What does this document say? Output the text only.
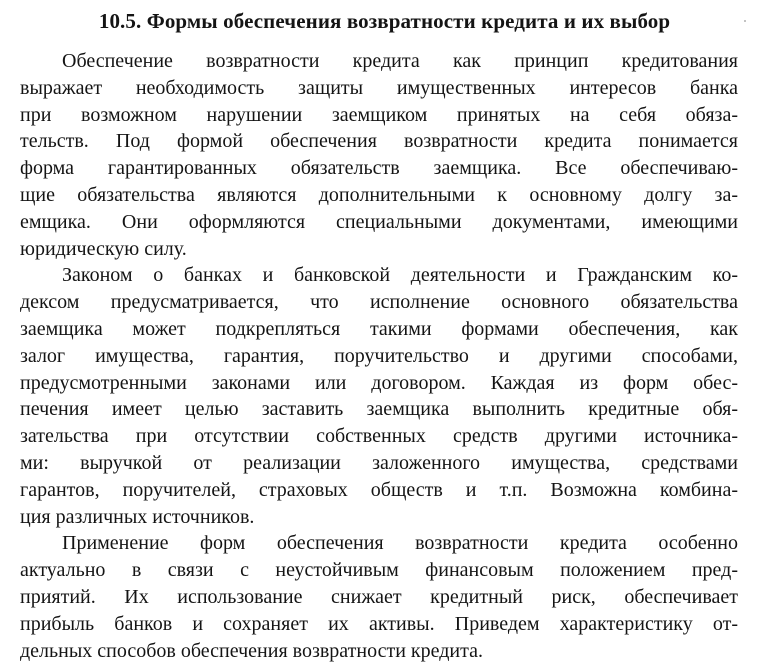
10.5. Формы обеспечения возвратности кредита и их выбор
Обеспечение возвратности кредита как принцип кредитования
выражает необходимость защиты имущественных интересов банка
при возможном нарушении заемщиком принятых на себя обяза-
тельств. Под формой обеспечения возвратности кредита понимается
форма гарантированных обязательств заемщика. Все обеспечиваю-
щие обязательства являются дополнительными к основному долгу за-
емщика. Они оформляются специальными документами, имеющими
юридическую силу.
Законом о банках и банковской деятельности и Гражданским ко-
дексом предусматривается, что исполнение основного обязательства
заемщика может подкрепляться такими формами обеспечения, как
залог имущества, гарантия, поручительство и другими способами,
предусмотренными законами или договором. Каждая из форм обес-
печения имеет целью заставить заемщика выполнить кредитные обя-
зательства при отсутствии собственных средств другими источника-
ми: выручкой от реализации заложенного имущества, средствами
гарантов, поручителей, страховых обществ и т.п. Возможна комбина-
ция различных источников.
Применение форм обеспечения возвратности кредита особенно
актуально в связи с неустойчивым финансовым положением пред-
приятий. Их использование снижает кредитный риск, обеспечивает
прибыль банков и сохраняет их активы. Приведем характеристику от-
дельных способов обеспечения возвратности кредита.
